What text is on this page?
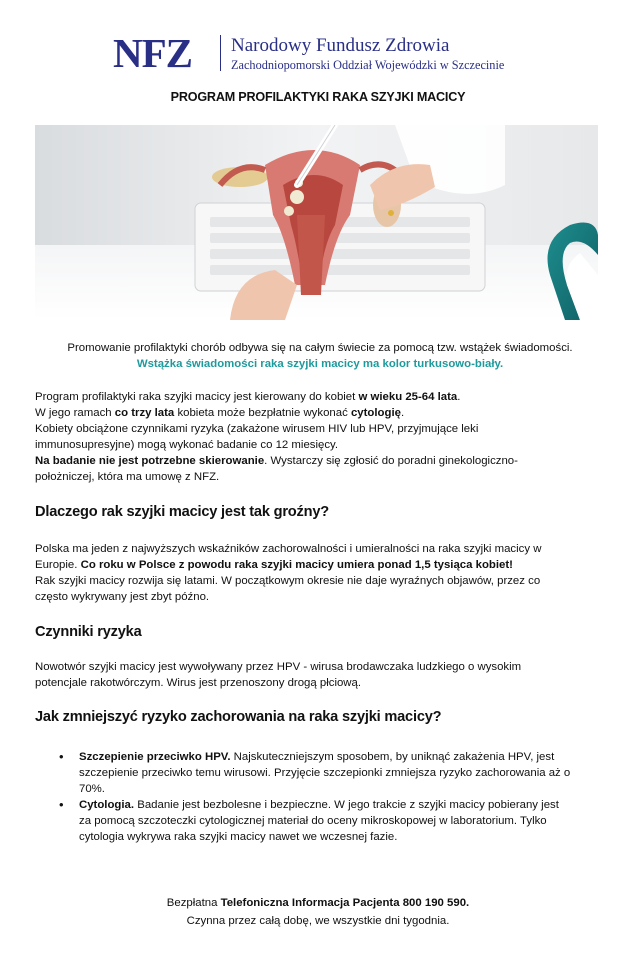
NFZ Narodowy Fundusz Zdrowia
Zachodniopomorski Oddział Wojewódzki w Szczecinie
PROGRAM PROFILAKTYKI RAKA SZYJKI MACICY
Promowanie profilaktyki chorób odbywa się na całym świecie za pomocą tzw. wstążek świadomości.
Wstążka świadomości raka szyjki macicy ma kolor turkusowo-biały.
Program profilaktyki raka szyjki macicy jest kierowany do kobiet w wieku 25-64 lata.
W jego ramach co trzy lata kobieta może bezpłatnie wykonać cytologię.
Kobiety obciążone czynnikami ryzyka (zakażone wirusem HIV lub HPV, przyjmujące leki
immunosupresyjne) mogą wykonać badanie co 12 miesięcy.
Na badanie nie jest potrzebne skierowanie. Wystarczy się zgłosić do poradni ginekologiczno-
położniczej, która ma umowę z NFZ.
Dlaczego rak szyjki macicy jest tak groźny?
Polska ma jeden z najwyższych wskaźników zachorowalności i umieralności na raka szyjki macicy w
Europie. Co roku w Polsce z powodu raka szyjki macicy umiera ponad 1,5 tysiąca kobiet!
Rak szyjki macicy rozwija się latami. W początkowym okresie nie daje wyraźnych objawów, przez co
często wykrywany jest zbyt późno.
Czynniki ryzyka
Nowotwór szyjki macicy jest wywoływany przez HPV - wirusa brodawczaka ludzkiego o wysokim
potencjale rakotwórczym. Wirus jest przenoszony drogą płciową.
Jak zmniejszyć ryzyko zachorowania na raka szyjki macicy?
• Szczepienie przeciwko HPV. Najskuteczniejszym sposobem, by uniknąć zakażenia HPV, jest
szczepienie przeciwko temu wirusowi. Przyjęcie szczepionki zmniejsza ryzyko zachorowania aż o
70%.
• Cytologia. Badanie jest bezbolesne i bezpieczne. W jego trakcie z szyjki macicy pobierany jest
za pomocą szczoteczki cytologicznej materiał do oceny mikroskopowej w laboratorium. Tylko
cytologia wykrywa raka szyjki macicy nawet we wczesnej fazie.
Bezpłatna Telefoniczna Informacja Pacjenta 800 190 590.
Czynna przez całą dobę, we wszystkie dni tygodnia.
